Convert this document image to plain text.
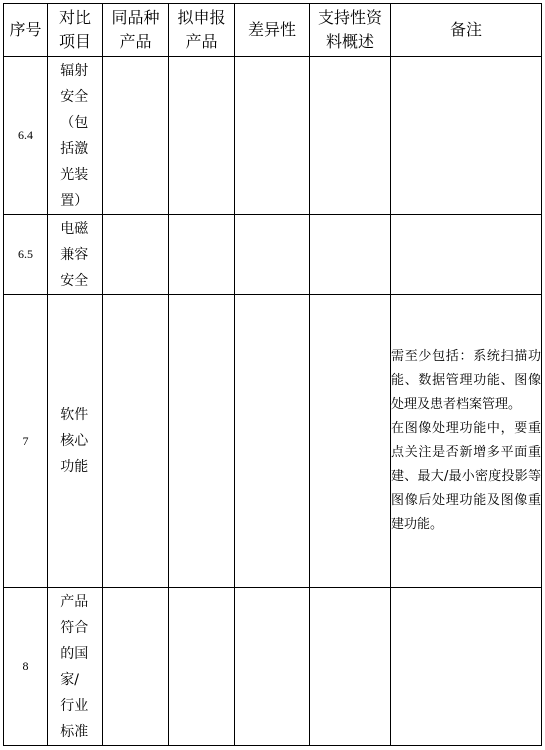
序号	对比项目	同品种产品	拟申报产品	差异性	支持性资料概述	备注

6.4	辐射安全（包括激光装置）					

6.5	电磁兼容安全					

7	软件核心功能					需至少包括：系统扫描功能、数据管理功能、图像处理及患者档案管理。

在图像处理功能中，要重点关注是否新增多平面重建、最大/最小密度投影等图像后处理功能及图像重建功能。

8	产品符合的国家/行业标准					
